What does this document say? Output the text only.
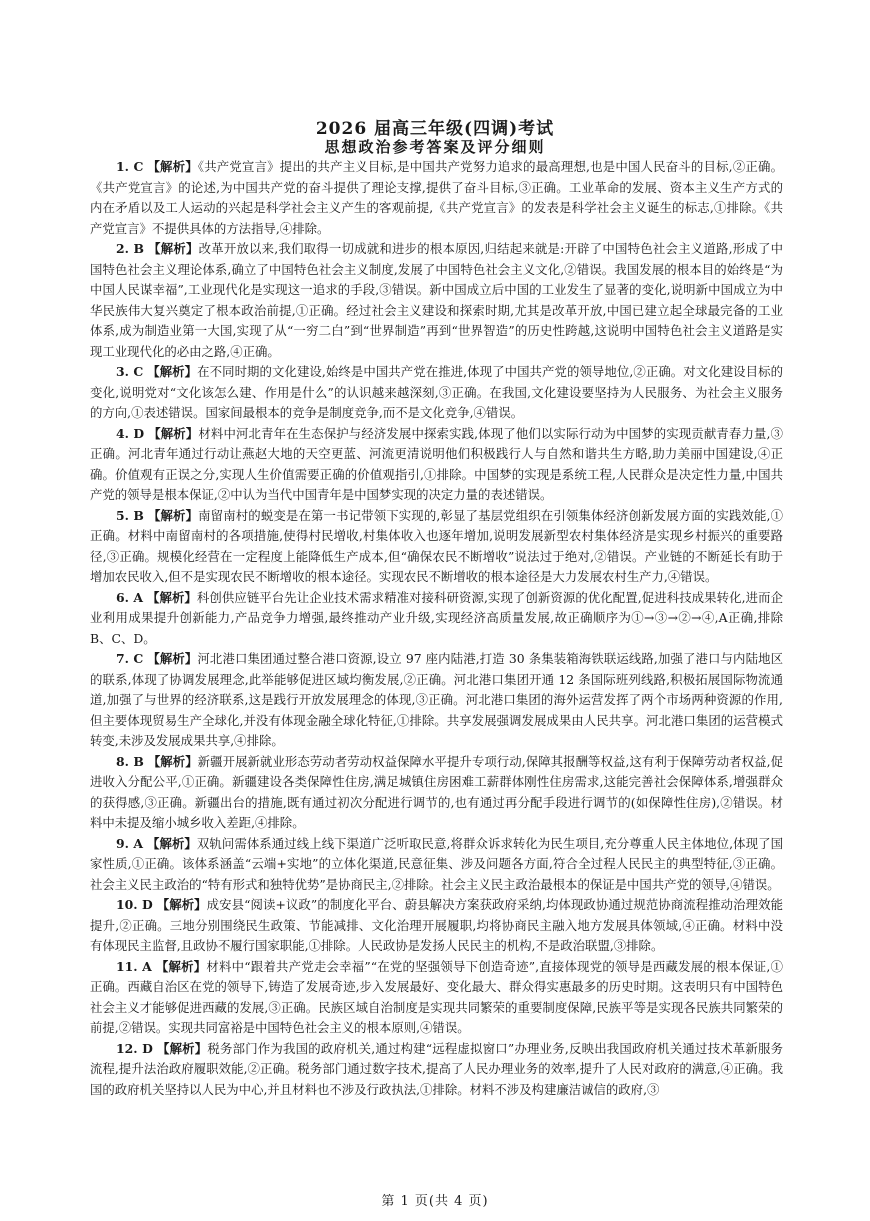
2026 届高三年级(四调)考试
思想政治参考答案及评分细则

1. C 【解析】《共产党宣言》提出的共产主义目标,是中国共产党努力追求的最高理想,也是中国人民奋斗的目标,②正确。《共产党宣言》的论述,为中国共产党的奋斗提供了理论支撑,提供了奋斗目标,③正确。工业革命的发展、资本主义生产方式的内在矛盾以及工人运动的兴起是科学社会主义产生的客观前提,《共产党宣言》的发表是科学社会主义诞生的标志,①排除。《共产党宣言》不提供具体的方法指导,④排除。

2. B 【解析】改革开放以来,我们取得一切成就和进步的根本原因,归结起来就是:开辟了中国特色社会主义道路,形成了中国特色社会主义理论体系,确立了中国特色社会主义制度,发展了中国特色社会主义文化,②错误。我国发展的根本目的始终是“为中国人民谋幸福”,工业现代化是实现这一追求的手段,③错误。新中国成立后中国的工业发生了显著的变化,说明新中国成立为中华民族伟大复兴奠定了根本政治前提,①正确。经过社会主义建设和探索时期,尤其是改革开放,中国已建立起全球最完备的工业体系,成为制造业第一大国,实现了从“一穷二白”到“世界制造”再到“世界智造”的历史性跨越,这说明中国特色社会主义道路是实现工业现代化的必由之路,④正确。

3. C 【解析】在不同时期的文化建设,始终是中国共产党在推进,体现了中国共产党的领导地位,②正确。对文化建设目标的变化,说明党对“文化该怎么建、作用是什么”的认识越来越深刻,③正确。在我国,文化建设要坚持为人民服务、为社会主义服务的方向,①表述错误。国家间最根本的竞争是制度竞争,而不是文化竞争,④错误。

4. D 【解析】材料中河北青年在生态保护与经济发展中探索实践,体现了他们以实际行动为中国梦的实现贡献青春力量,③正确。河北青年通过行动让燕赵大地的天空更蓝、河流更清说明他们积极践行人与自然和谐共生方略,助力美丽中国建设,④正确。价值观有正误之分,实现人生价值需要正确的价值观指引,①排除。中国梦的实现是系统工程,人民群众是决定性力量,中国共产党的领导是根本保证,②中认为当代中国青年是中国梦实现的决定力量的表述错误。

5. B 【解析】南留南村的蜕变是在第一书记带领下实现的,彰显了基层党组织在引领集体经济创新发展方面的实践效能,①正确。材料中南留南村的各项措施,使得村民增收,村集体收入也逐年增加,说明发展新型农村集体经济是实现乡村振兴的重要路径,③正确。规模化经营在一定程度上能降低生产成本,但“确保农民不断增收”说法过于绝对,②错误。产业链的不断延长有助于增加农民收入,但不是实现农民不断增收的根本途径。实现农民不断增收的根本途径是大力发展农村生产力,④错误。

6. A 【解析】科创供应链平台先让企业技术需求精准对接科研资源,实现了创新资源的优化配置,促进科技成果转化,进而企业利用成果提升创新能力,产品竞争力增强,最终推动产业升级,实现经济高质量发展,故正确顺序为①→③→②→④,A正确,排除 B、C、D。

7. C 【解析】河北港口集团通过整合港口资源,设立 97 座内陆港,打造 30 条集装箱海铁联运线路,加强了港口与内陆地区的联系,体现了协调发展理念,此举能够促进区域均衡发展,②正确。河北港口集团开通 12 条国际班列线路,积极拓展国际物流通道,加强了与世界的经济联系,这是践行开放发展理念的体现,③正确。河北港口集团的海外运营发挥了两个市场两种资源的作用,但主要体现贸易生产全球化,并没有体现金融全球化特征,①排除。共享发展强调发展成果由人民共享。河北港口集团的运营模式转变,未涉及发展成果共享,④排除。

8. B 【解析】新疆开展新就业形态劳动者劳动权益保障水平提升专项行动,保障其报酬等权益,这有利于保障劳动者权益,促进收入分配公平,①正确。新疆建设各类保障性住房,满足城镇住房困难工薪群体刚性住房需求,这能完善社会保障体系,增强群众的获得感,③正确。新疆出台的措施,既有通过初次分配进行调节的,也有通过再分配手段进行调节的(如保障性住房),②错误。材料中未提及缩小城乡收入差距,④排除。

9. A 【解析】双轨问需体系通过线上线下渠道广泛听取民意,将群众诉求转化为民生项目,充分尊重人民主体地位,体现了国家性质,①正确。该体系涵盖“云端+实地”的立体化渠道,民意征集、涉及问题各方面,符合全过程人民民主的典型特征,③正确。社会主义民主政治的“特有形式和独特优势”是协商民主,②排除。社会主义民主政治最根本的保证是中国共产党的领导,④错误。

10. D 【解析】成安县“阅读+议政”的制度化平台、蔚县解决方案获政府采纳,均体现政协通过规范协商流程推动治理效能提升,②正确。三地分别围绕民生政策、节能减排、文化治理开展履职,均将协商民主融入地方发展具体领域,④正确。材料中没有体现民主监督,且政协不履行国家职能,①排除。人民政协是发扬人民民主的机构,不是政治联盟,③排除。

11. A 【解析】材料中“跟着共产党走会幸福”“在党的坚强领导下创造奇迹”,直接体现党的领导是西藏发展的根本保证,①正确。西藏自治区在党的领导下,铸造了发展奇迹,步入发展最好、变化最大、群众得实惠最多的历史时期。这表明只有中国特色社会主义才能够促进西藏的发展,③正确。民族区域自治制度是实现共同繁荣的重要制度保障,民族平等是实现各民族共同繁荣的前提,②错误。实现共同富裕是中国特色社会主义的根本原则,④错误。

12. D 【解析】税务部门作为我国的政府机关,通过构建“远程虚拟窗口”办理业务,反映出我国政府机关通过技术革新服务流程,提升法治政府履职效能,②正确。税务部门通过数字技术,提高了人民办理业务的效率,提升了人民对政府的满意,④正确。我国的政府机关坚持以人民为中心,并且材料也不涉及行政执法,①排除。材料不涉及构建廉洁诚信的政府,③

第 1 页(共 4 页)
